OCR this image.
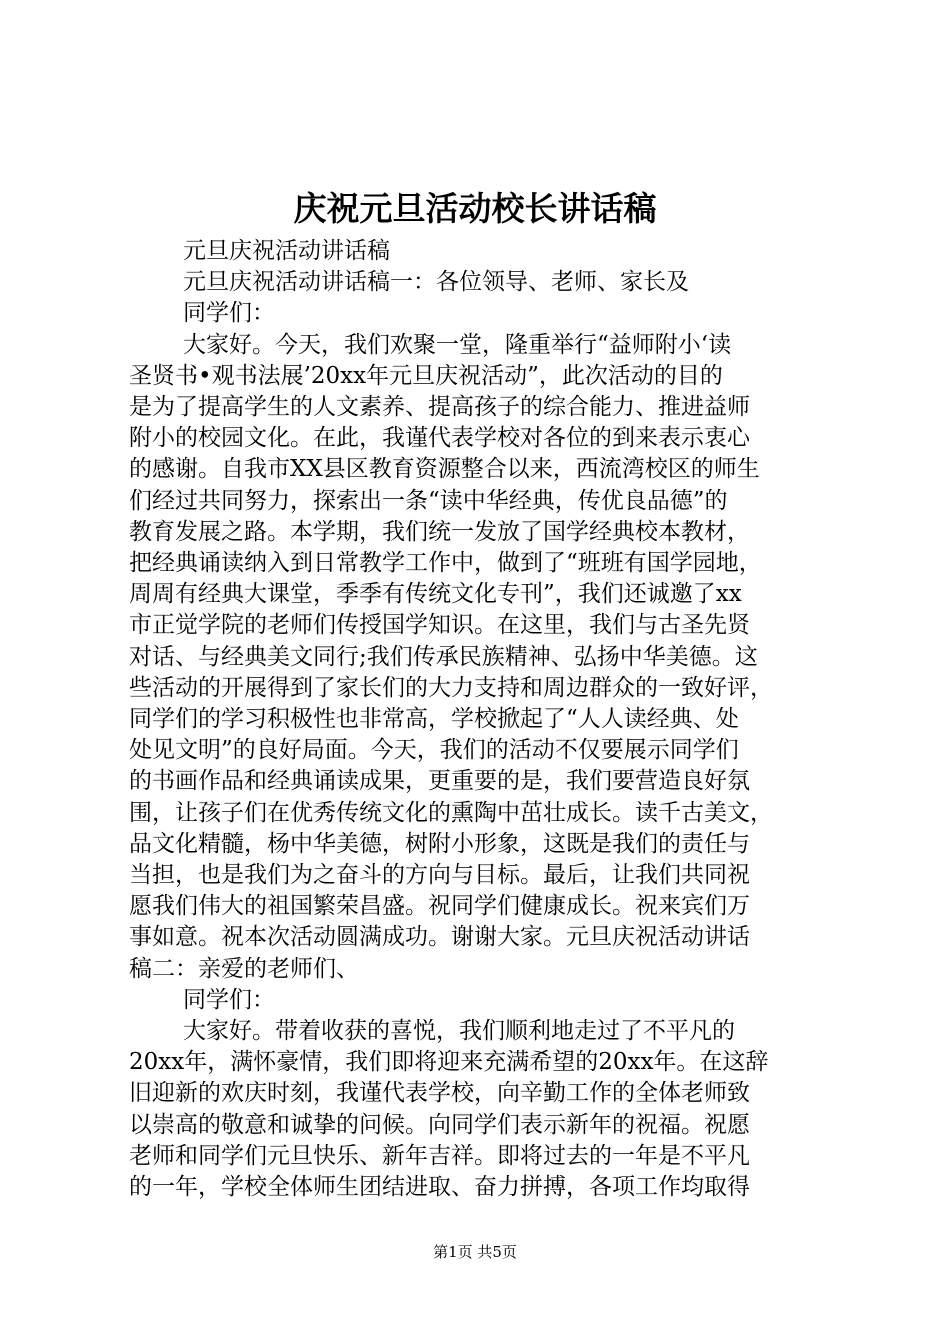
庆祝元旦活动校长讲话稿

元旦庆祝活动讲话稿

元旦庆祝活动讲话稿一：各位领导、老师、家长及

同学们：

大家好。今天，我们欢聚一堂，隆重举行“益师附小‘读

圣贤书•观书法展’20xx年元旦庆祝活动”，此次活动的目的

是为了提高学生的人文素养、提高孩子的综合能力、推进益师

附小的校园文化。在此，我谨代表学校对各位的到来表示衷心

的感谢。自我市XX县区教育资源整合以来，西流湾校区的师生

们经过共同努力，探索出一条“读中华经典，传优良品德”的

教育发展之路。本学期，我们统一发放了国学经典校本教材，

把经典诵读纳入到日常教学工作中，做到了“班班有国学园地，

周周有经典大课堂，季季有传统文化专刊”，我们还诚邀了xx

市正觉学院的老师们传授国学知识。在这里，我们与古圣先贤

对话、与经典美文同行;我们传承民族精神、弘扬中华美德。这

些活动的开展得到了家长们的大力支持和周边群众的一致好评，

同学们的学习积极性也非常高，学校掀起了“人人读经典、处

处见文明”的良好局面。今天，我们的活动不仅要展示同学们

的书画作品和经典诵读成果，更重要的是，我们要营造良好氛

围，让孩子们在优秀传统文化的熏陶中茁壮成长。读千古美文，

品文化精髓，杨中华美德，树附小形象，这既是我们的责任与

当担，也是我们为之奋斗的方向与目标。最后，让我们共同祝

愿我们伟大的祖国繁荣昌盛。祝同学们健康成长。祝来宾们万

事如意。祝本次活动圆满成功。谢谢大家。元旦庆祝活动讲话

稿二：亲爱的老师们、

同学们：

大家好。带着收获的喜悦，我们顺利地走过了不平凡的

20xx年，满怀豪情，我们即将迎来充满希望的20xx年。在这辞

旧迎新的欢庆时刻，我谨代表学校，向辛勤工作的全体老师致

以崇高的敬意和诚挚的问候。向同学们表示新年的祝福。祝愿

老师和同学们元旦快乐、新年吉祥。即将过去的一年是不平凡

的一年，学校全体师生团结进取、奋力拼搏，各项工作均取得

第1页 共5页
